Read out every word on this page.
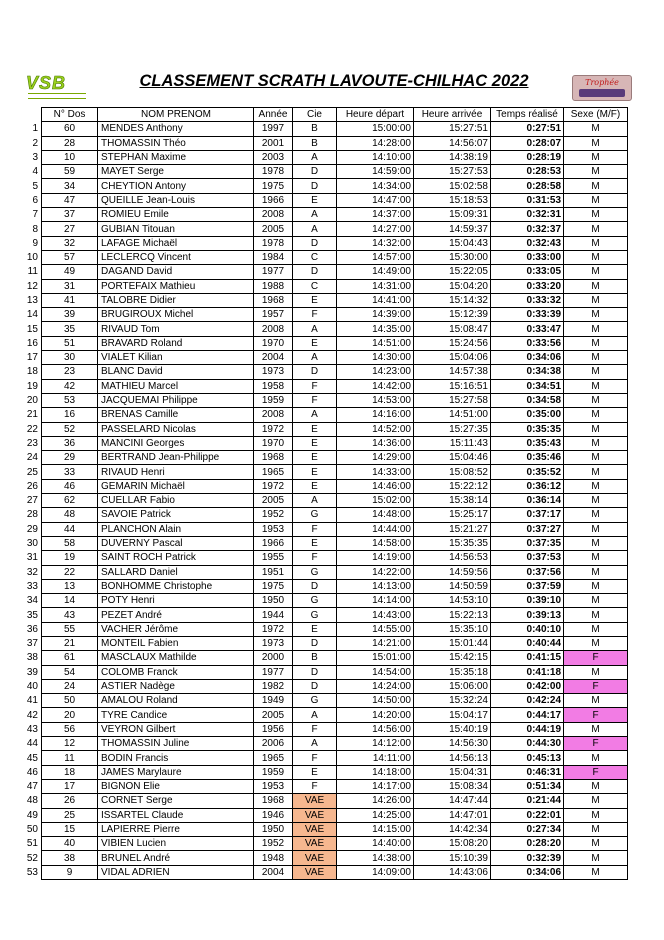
VSB	CLASSEMENT SCRATH LAVOUTE-CHILHAC 2022	Trophée
	N° Dos	NOM PRENOM	Année	Cie	Heure départ	Heure arrivée	Temps réalisé	Sexe (M/F)
1	60	MENDES Anthony	1997	B	15:00:00	15:27:51	0:27:51	M
2	28	THOMASSIN Théo	2001	B	14:28:00	14:56:07	0:28:07	M
3	10	STEPHAN Maxime	2003	A	14:10:00	14:38:19	0:28:19	M
4	59	MAYET Serge	1978	D	14:59:00	15:27:53	0:28:53	M
5	34	CHEYTION Antony	1975	D	14:34:00	15:02:58	0:28:58	M
6	47	QUEILLE Jean-Louis	1966	E	14:47:00	15:18:53	0:31:53	M
7	37	ROMIEU Emile	2008	A	14:37:00	15:09:31	0:32:31	M
8	27	GUBIAN Titouan	2005	A	14:27:00	14:59:37	0:32:37	M
9	32	LAFAGE Michaël	1978	D	14:32:00	15:04:43	0:32:43	M
10	57	LECLERCQ Vincent	1984	C	14:57:00	15:30:00	0:33:00	M
11	49	DAGAND David	1977	D	14:49:00	15:22:05	0:33:05	M
12	31	PORTEFAIX Mathieu	1988	C	14:31:00	15:04:20	0:33:20	M
13	41	TALOBRE Didier	1968	E	14:41:00	15:14:32	0:33:32	M
14	39	BRUGIROUX Michel	1957	F	14:39:00	15:12:39	0:33:39	M
15	35	RIVAUD Tom	2008	A	14:35:00	15:08:47	0:33:47	M
16	51	BRAVARD Roland	1970	E	14:51:00	15:24:56	0:33:56	M
17	30	VIALET Kilian	2004	A	14:30:00	15:04:06	0:34:06	M
18	23	BLANC David	1973	D	14:23:00	14:57:38	0:34:38	M
19	42	MATHIEU Marcel	1958	F	14:42:00	15:16:51	0:34:51	M
20	53	JACQUEMAI Philippe	1959	F	14:53:00	15:27:58	0:34:58	M
21	16	BRENAS Camille	2008	A	14:16:00	14:51:00	0:35:00	M
22	52	PASSELARD Nicolas	1972	E	14:52:00	15:27:35	0:35:35	M
23	36	MANCINI Georges	1970	E	14:36:00	15:11:43	0:35:43	M
24	29	BERTRAND Jean-Philippe	1968	E	14:29:00	15:04:46	0:35:46	M
25	33	RIVAUD Henri	1965	E	14:33:00	15:08:52	0:35:52	M
26	46	GEMARIN Michaël	1972	E	14:46:00	15:22:12	0:36:12	M
27	62	CUELLAR Fabio	2005	A	15:02:00	15:38:14	0:36:14	M
28	48	SAVOIE Patrick	1952	G	14:48:00	15:25:17	0:37:17	M
29	44	PLANCHON Alain	1953	F	14:44:00	15:21:27	0:37:27	M
30	58	DUVERNY Pascal	1966	E	14:58:00	15:35:35	0:37:35	M
31	19	SAINT ROCH Patrick	1955	F	14:19:00	14:56:53	0:37:53	M
32	22	SALLARD Daniel	1951	G	14:22:00	14:59:56	0:37:56	M
33	13	BONHOMME Christophe	1975	D	14:13:00	14:50:59	0:37:59	M
34	14	POTY Henri	1950	G	14:14:00	14:53:10	0:39:10	M
35	43	PEZET André	1944	G	14:43:00	15:22:13	0:39:13	M
36	55	VACHER Jérôme	1972	E	14:55:00	15:35:10	0:40:10	M
37	21	MONTEIL Fabien	1973	D	14:21:00	15:01:44	0:40:44	M
38	61	MASCLAUX Mathilde	2000	B	15:01:00	15:42:15	0:41:15	F
39	54	COLOMB Franck	1977	D	14:54:00	15:35:18	0:41:18	M
40	24	ASTIER Nadège	1982	D	14:24:00	15:06:00	0:42:00	F
41	50	AMALOU Roland	1949	G	14:50:00	15:32:24	0:42:24	M
42	20	TYRE Candice	2005	A	14:20:00	15:04:17	0:44:17	F
43	56	VEYRON Gilbert	1956	F	14:56:00	15:40:19	0:44:19	M
44	12	THOMASSIN Juline	2006	A	14:12:00	14:56:30	0:44:30	F
45	11	BODIN Francis	1965	F	14:11:00	14:56:13	0:45:13	M
46	18	JAMES Marylaure	1959	E	14:18:00	15:04:31	0:46:31	F
47	17	BIGNON Elie	1953	F	14:17:00	15:08:34	0:51:34	M
48	26	CORNET Serge	1968	VAE	14:26:00	14:47:44	0:21:44	M
49	25	ISSARTEL Claude	1946	VAE	14:25:00	14:47:01	0:22:01	M
50	15	LAPIERRE Pierre	1950	VAE	14:15:00	14:42:34	0:27:34	M
51	40	VIBIEN Lucien	1952	VAE	14:40:00	15:08:20	0:28:20	M
52	38	BRUNEL André	1948	VAE	14:38:00	15:10:39	0:32:39	M
53	9	VIDAL ADRIEN	2004	VAE	14:09:00	14:43:06	0:34:06	M
